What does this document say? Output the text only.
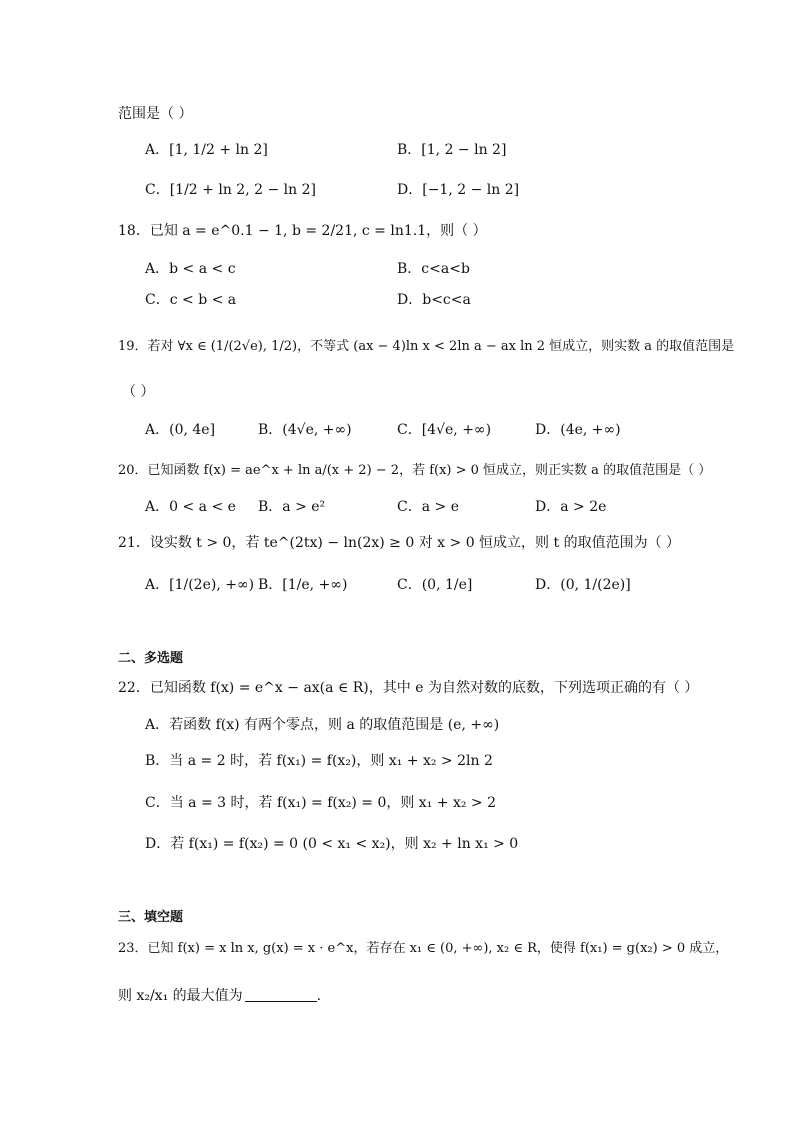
范围是（ ）
A．[1, 1/2 + ln 2]	B．[1, 2 − ln 2]
C．[1/2 + ln 2, 2 − ln 2]	D．[−1, 2 − ln 2]
18．已知 a = e^0.1 − 1, b = 2/21, c = ln1.1，则（ ）
A．b < a < c	B．c<a<b
C．c < b < a	D．b<c<a
19．若对 ∀x ∈ (1/(2√e), 1/2)，不等式 (ax − 4)ln x < 2ln a − ax ln 2 恒成立，则实数 a 的取值范围是
（ ）
A．(0, 4e]	B．(4√e, +∞)	C．[4√e, +∞)	D．(4e, +∞)
20．已知函数 f(x) = ae^x + ln a/(x + 2) − 2，若 f(x) > 0 恒成立，则正实数 a 的取值范围是（ ）
A．0 < a < e B．a > e²	C．a > e	D．a > 2e
21．设实数 t > 0，若 te^(2tx) − ln(2x) ≥ 0 对 x > 0 恒成立，则 t 的取值范围为（ ）
A．[1/(2e), +∞) B．[1/e, +∞)	C．(0, 1/e]	D．(0, 1/(2e)]
二、多选题
22．已知函数 f(x) = e^x − ax(a ∈ R)，其中 e 为自然对数的底数，下列选项正确的有（ ）
A．若函数 f(x) 有两个零点，则 a 的取值范围是 (e, +∞)
B．当 a = 2 时，若 f(x₁) = f(x₂)，则 x₁ + x₂ > 2ln 2
C．当 a = 3 时，若 f(x₁) = f(x₂) = 0，则 x₁ + x₂ > 2
D．若 f(x₁) = f(x₂) = 0 (0 < x₁ < x₂)，则 x₂ + ln x₁ > 0
三、填空题
23．已知 f(x) = x ln x, g(x) = x · e^x，若存在 x₁ ∈ (0, +∞), x₂ ∈ R，使得 f(x₁) = g(x₂) > 0 成立，
则 x₂/x₁ 的最大值为	.
